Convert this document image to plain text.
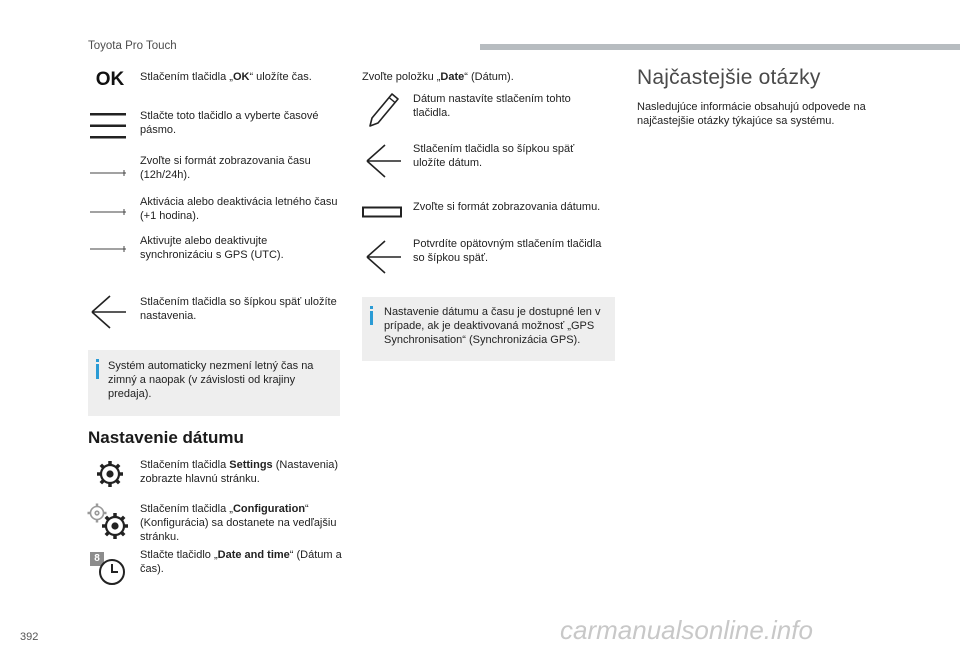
Toyota Pro Touch
OK	Stlačením tlačidla „OK“ uložíte čas.
Stlačte toto tlačidlo a vyberte časové pásmo.
Zvoľte si formát zobrazovania času (12h/24h).
Aktivácia alebo deaktivácia letného času (+1 hodina).
Aktivujte alebo deaktivujte synchronizáciu s GPS (UTC).
Stlačením tlačidla so šípkou späť uložíte nastavenia.
Systém automaticky nezmení letný čas na zimný a naopak (v závislosti od krajiny predaja).
Nastavenie dátumu
Stlačením tlačidla Settings (Nastavenia) zobrazte hlavnú stránku.
Stlačením tlačidla „Configuration“ (Konfigurácia) sa dostanete na vedľajšiu stránku.
8	Stlačte tlačidlo „Date and time“ (Dátum a čas).
Zvoľte položku „Date“ (Dátum).
Dátum nastavíte stlačením tohto tlačidla.
Stlačením tlačidla so šípkou späť uložíte dátum.
Zvoľte si formát zobrazovania dátumu.
Potvrdíte opätovným stlačením tlačidla so šípkou späť.
Nastavenie dátumu a času je dostupné len v prípade, ak je deaktivovaná možnosť „GPS Synchronisation“ (Synchronizácia GPS).
Najčastejšie otázky
Nasledujúce informácie obsahujú odpovede na najčastejšie otázky týkajúce sa systému.
392	carmanualsonline.info
